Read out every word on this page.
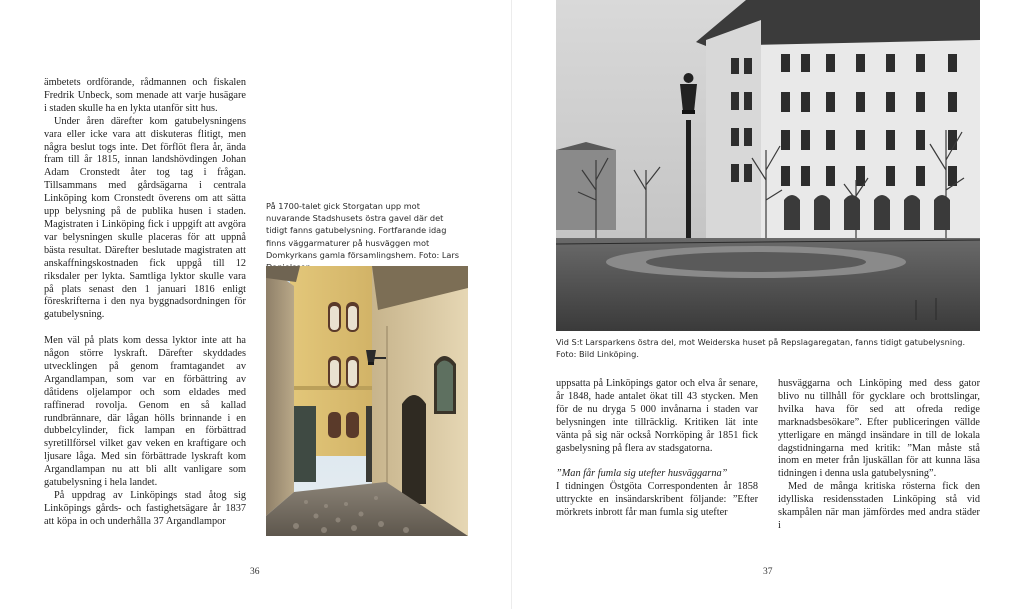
ämbetets ordförande, rådmannen och fiskalen Fredrik Unbeck, som menade att varje husägare i staden skulle ha en lykta utanför sitt hus.

Under åren därefter kom gatubelysningens vara eller icke vara att diskuteras flitigt, men några beslut togs inte. Det förflöt flera år, ända fram till år 1815, innan landshövdingen Johan Adam Cronstedt åter tog tag i frågan. Tillsammans med gårdsägarna i centrala Linköping kom Cronstedt överens om att sätta upp belysning på de publika husen i staden. Magistraten i Linköping fick i uppgift att avgöra var belysningen skulle placeras för att uppnå bästa resultat. Därefter beslutade magistraten att anskaffningskostnaden fick uppgå till 12 riksdaler per lykta. Samtliga lyktor skulle vara på plats senast den 1 januari 1816 enligt föreskrifterna i den nya byggnadsordningen för gatubelysning.

Men väl på plats kom dessa lyktor inte att ha någon större lyskraft. Därefter skyddades utvecklingen på genom framtagandet av Argandlampan, som var en förbättring av dåtidens oljelampor och som eldades med raffinerad rovolja. Genom en så kallad rundbrännare, där lågan hölls brinnande i en dubbelcylinder, fick lampan en förbättrad syretillförsel vilket gav veken en kraftigare och ljusare låga. Med sin förbättrade lyskraft kom Argandlampan nu att bli allt vanligare som gatubelysning i hela landet.

På uppdrag av Linköpings stad åtog sig Linköpings gårds- och fastighetsägare år 1837 att köpa in och underhålla 37 Argandlampor

På 1700-talet gick Storgatan upp mot nuvarande Stadshusets östra gavel där det tidigt fanns gatubelysning. Fortfarande idag finns väggarmaturer på husväggen mot Domkyrkans gamla församlingshem. Foto: Lars
36
Vid S:t Larsparkens östra del, mot Weiderska huset på Repslagaregatan, fanns tidigt gatubelysning. Foto: Bild Linköping.

uppsatta på Linköpings gator och elva år senare, år 1848, hade antalet ökat till 43 stycken. Men för de nu dryga 5 000 invånarna i staden var belysningen inte tillräcklig. Kritiken lät inte vänta på sig när också Norrköping år 1851 fick gasbelysning på flera av stadsgatorna.

”Man får fumla sig utefter husväggarna”

I tidningen Östgöta Correspondenten år 1858 uttryckte en insändarskribent följande: ”Efter mörkrets inbrott får man fumla sig utefter

husväggarna och Linköping med dess gator blivo nu tillhåll för gycklare och brottslingar, hvilka hava för sed att ofreda redige marknadsbesökare”. Efter publiceringen vällde ytterligare en mängd insändare in till de lokala dagstidningarna med kritik: ”Man måste stå inom en meter från ljuskällan för att kunna läsa tidningen i denna usla gatubelysning”.

Med de många kritiska rösterna fick den idylliska residensstaden Linköping stå vid skampålen när man jämfördes med andra städer i

37
